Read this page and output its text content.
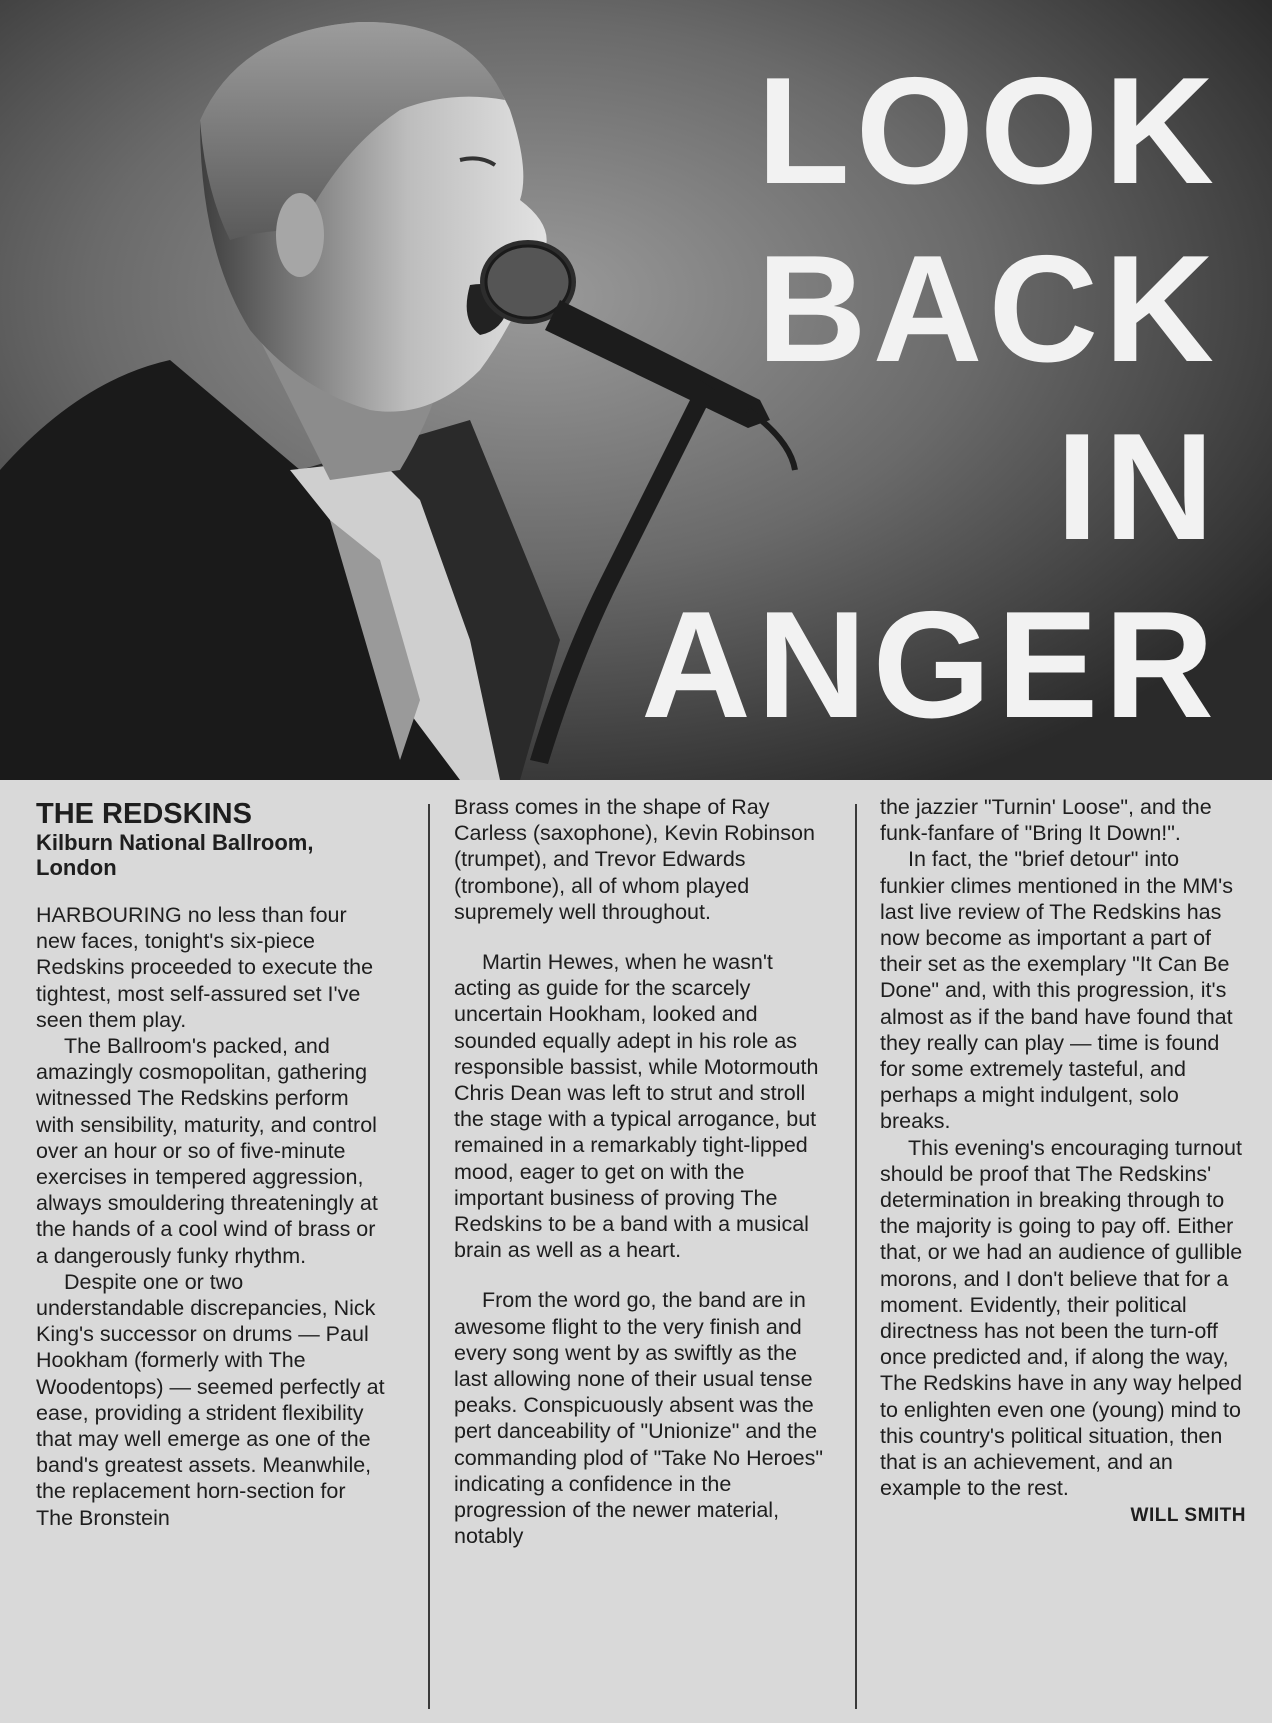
LOOK
BACK
IN
ANGER
THE REDSKINS
Kilburn National Ballroom, London

HARBOURING no less than four new faces, tonight's six-piece Redskins proceeded to execute the tightest, most self-assured set I've seen them play.

The Ballroom's packed, and amazingly cosmopolitan, gathering witnessed The Redskins perform with sensibility, maturity, and control over an hour or so of five-minute exercises in tempered aggression, always smouldering threateningly at the hands of a cool wind of brass or a dangerously funky rhythm.

Despite one or two understandable discrepancies, Nick King's successor on drums — Paul Hookham (formerly with The Woodentops) — seemed perfectly at ease, providing a strident flexibility that may well emerge as one of the band's greatest assets. Meanwhile, the replacement horn-section for The Bronstein

Brass comes in the shape of Ray Carless (saxophone), Kevin Robinson (trumpet), and Trevor Edwards (trombone), all of whom played supremely well throughout.

Martin Hewes, when he wasn't acting as guide for the scarcely uncertain Hookham, looked and sounded equally adept in his role as responsible bassist, while Motormouth Chris Dean was left to strut and stroll the stage with a typical arrogance, but remained in a remarkably tight-lipped mood, eager to get on with the important business of proving The Redskins to be a band with a musical brain as well as a heart.

From the word go, the band are in awesome flight to the very finish and every song went by as swiftly as the last allowing none of their usual tense peaks. Conspicuously absent was the pert danceability of "Unionize" and the commanding plod of "Take No Heroes" indicating a confidence in the progression of the newer material, notably

the jazzier "Turnin' Loose", and the funk-fanfare of "Bring It Down!".

In fact, the "brief detour" into funkier climes mentioned in the MM's last live review of The Redskins has now become as important a part of their set as the exemplary "It Can Be Done" and, with this progression, it's almost as if the band have found that they really can play — time is found for some extremely tasteful, and perhaps a might indulgent, solo breaks.

This evening's encouraging turnout should be proof that The Redskins' determination in breaking through to the majority is going to pay off. Either that, or we had an audience of gullible morons, and I don't believe that for a moment. Evidently, their political directness has not been the turn-off once predicted and, if along the way, The Redskins have in any way helped to enlighten even one (young) mind to this country's political situation, then that is an achievement, and an example to the rest.

WILL SMITH
